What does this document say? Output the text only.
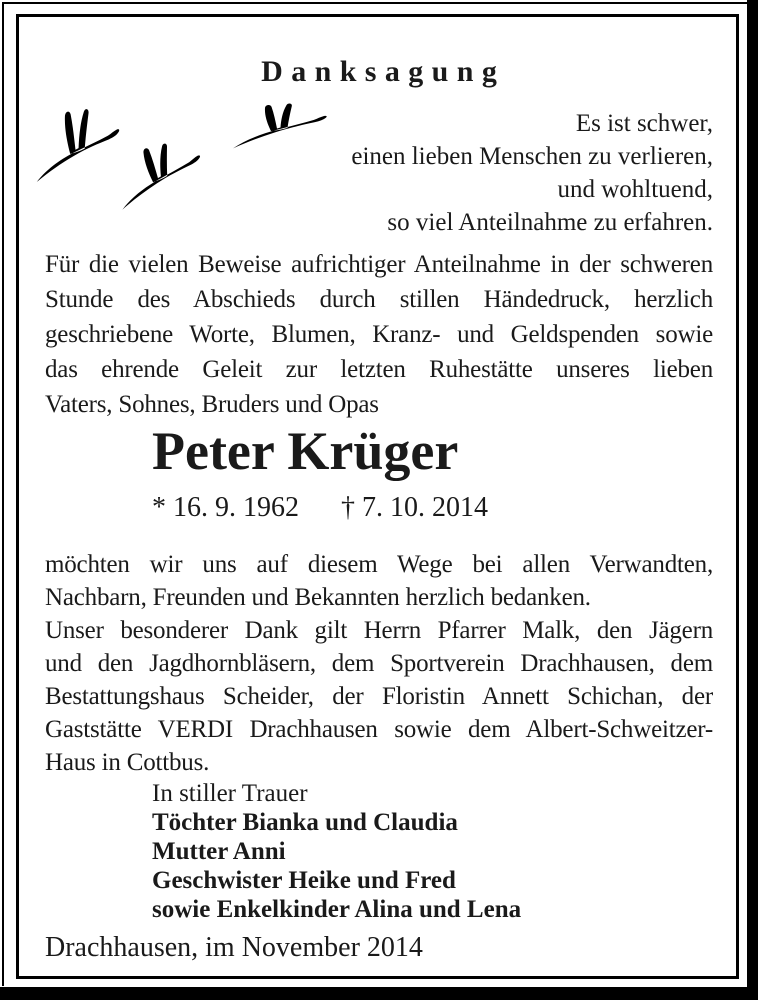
Danksagung
Es ist schwer,
einen lieben Menschen zu verlieren,
und wohltuend,
so viel Anteilnahme zu erfahren.
Für die vielen Beweise aufrichtiger Anteilnahme in der schweren
Stunde des Abschieds durch stillen Händedruck, herzlich
geschriebene Worte, Blumen, Kranz- und Geldspenden sowie
das ehrende Geleit zur letzten Ruhestätte unseres lieben
Vaters, Sohnes, Bruders und Opas
Peter Krüger
* 16. 9. 1962 † 7. 10. 2014
möchten wir uns auf diesem Wege bei allen Verwandten,
Nachbarn, Freunden und Bekannten herzlich bedanken.
Unser besonderer Dank gilt Herrn Pfarrer Malk, den Jägern
und den Jagdhornbläsern, dem Sportverein Drachhausen, dem
Bestattungshaus Scheider, der Floristin Annett Schichan, der
Gaststätte VERDI Drachhausen sowie dem Albert-Schweitzer-
Haus in Cottbus.
In stiller Trauer
Töchter Bianka und Claudia
Mutter Anni
Geschwister Heike und Fred
sowie Enkelkinder Alina und Lena
Drachhausen, im November 2014
